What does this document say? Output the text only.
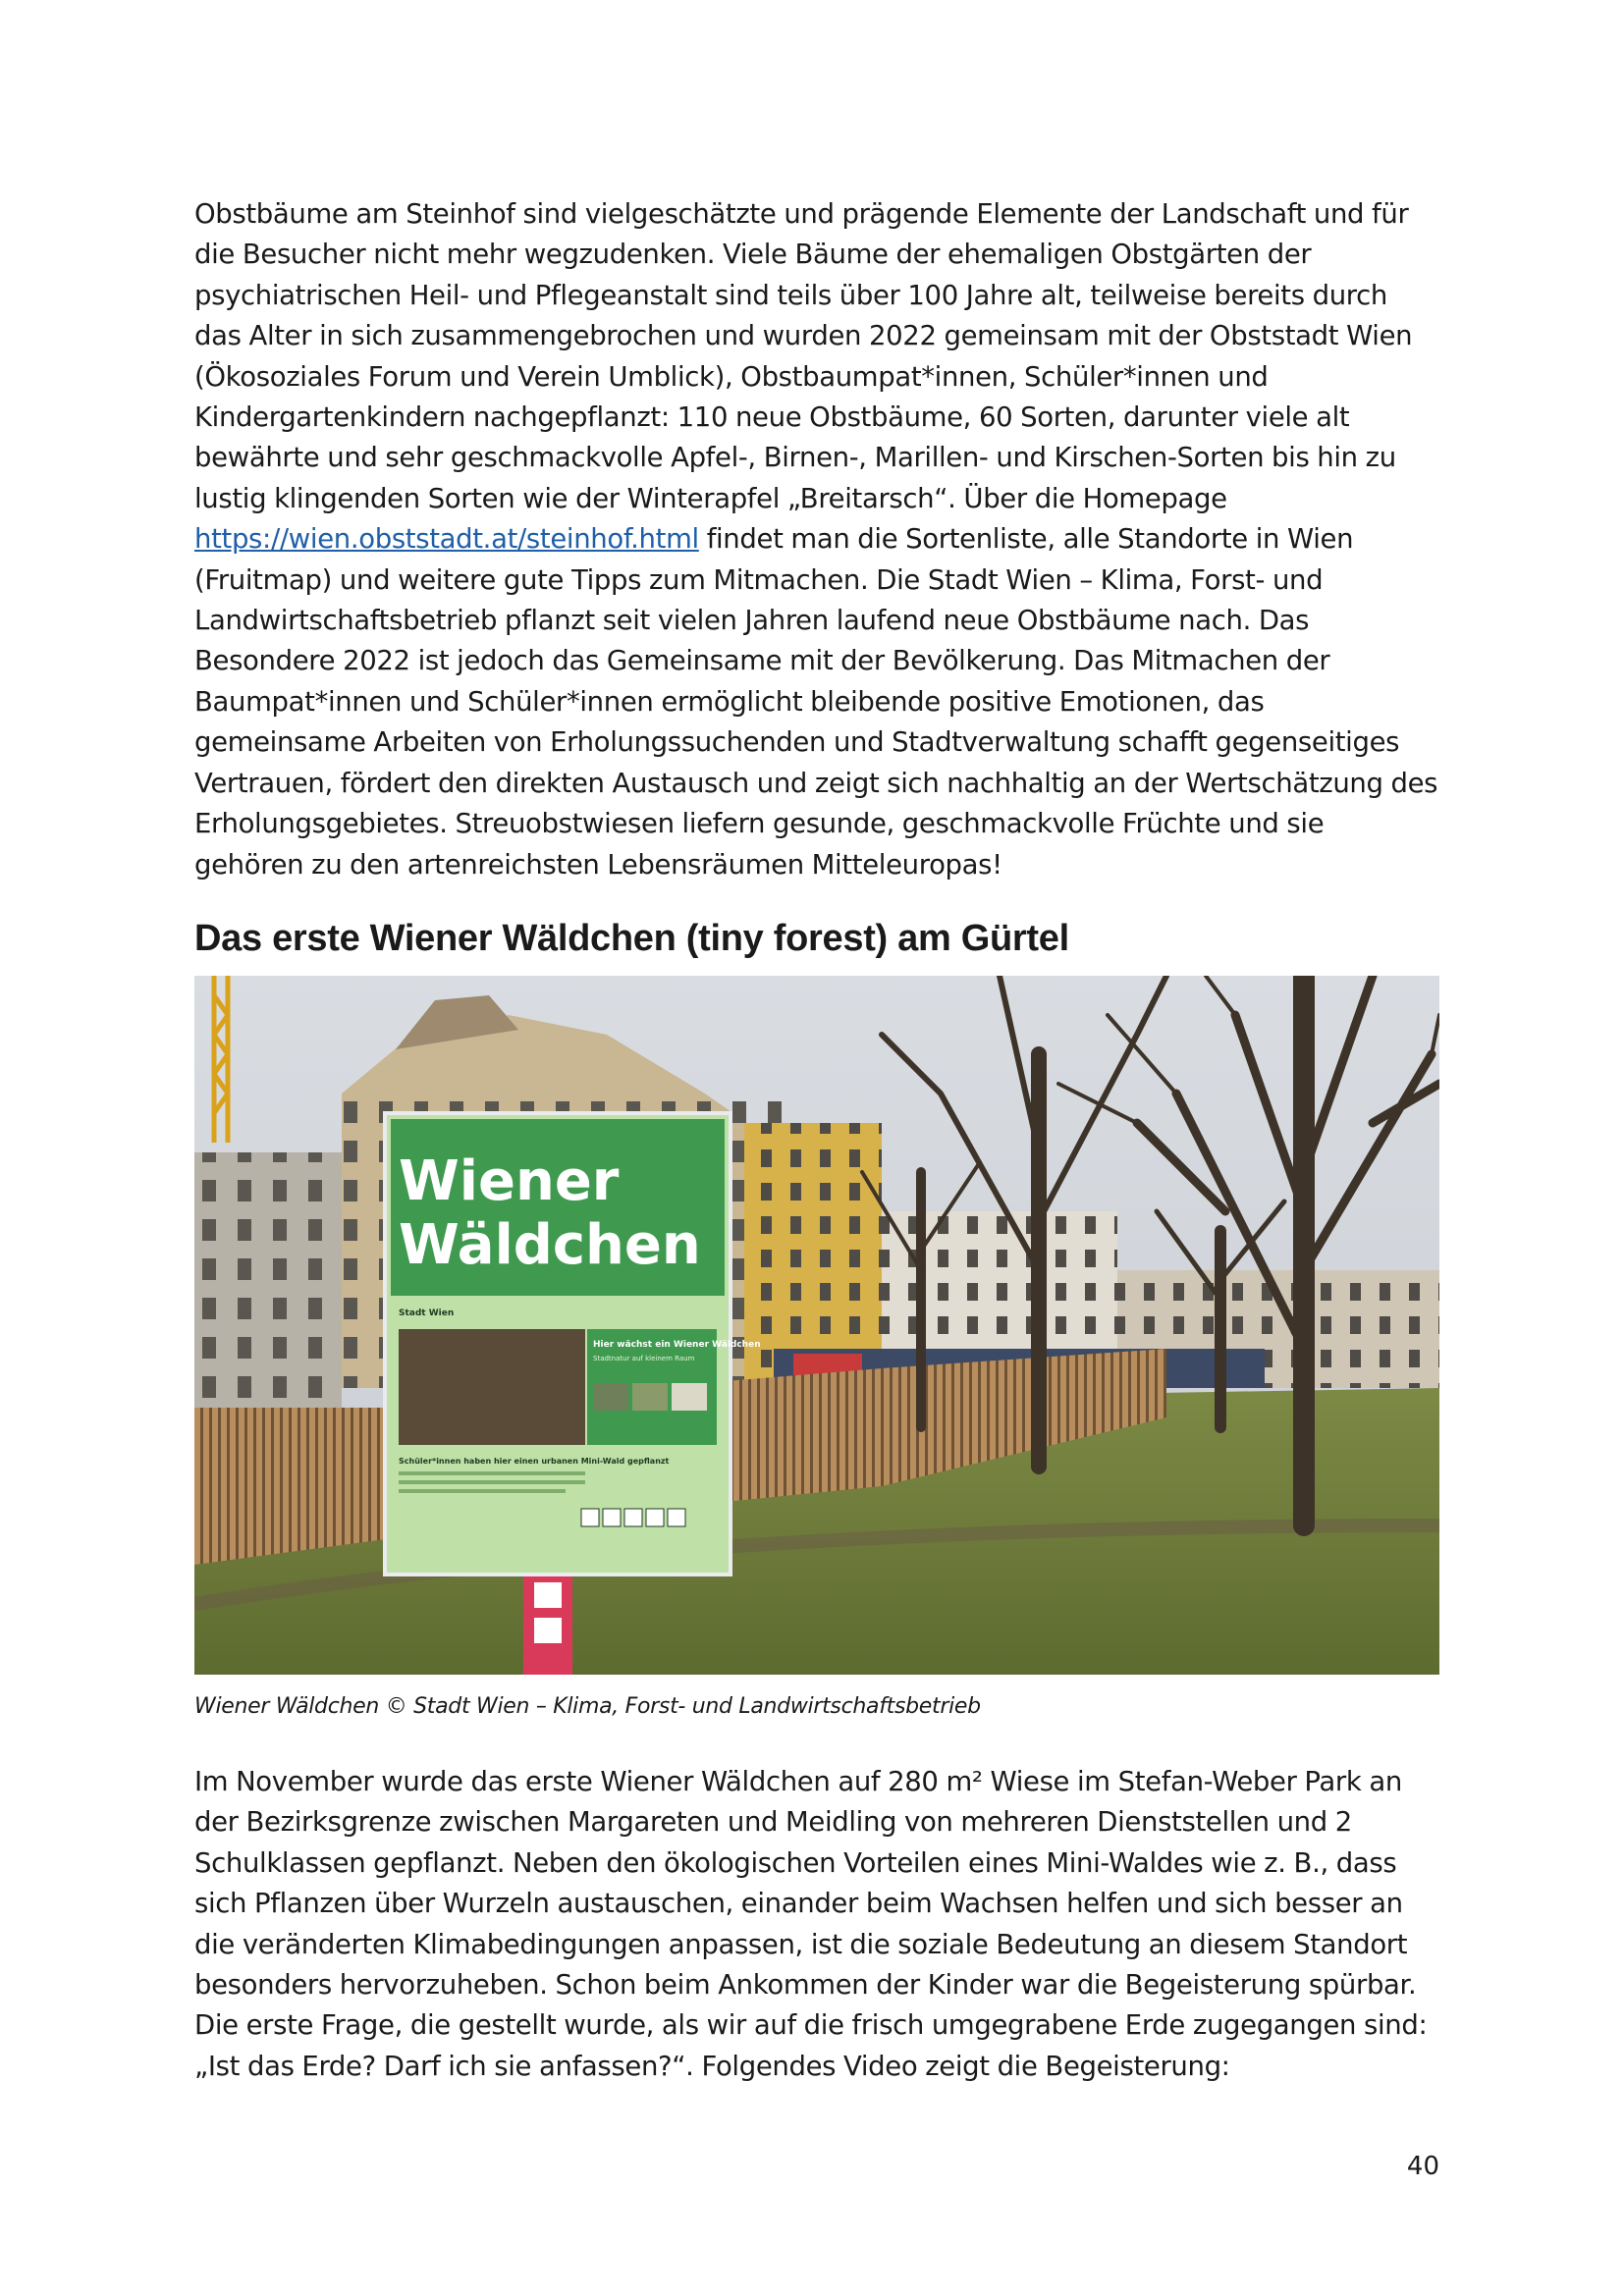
Obstbäume am Steinhof sind vielgeschätzte und prägende Elemente der Landschaft und für die Besucher nicht mehr wegzudenken. Viele Bäume der ehemaligen Obstgärten der psychiatrischen Heil- und Pflegeanstalt sind teils über 100 Jahre alt, teilweise bereits durch das Alter in sich zusammengebrochen und wurden 2022 gemeinsam mit der Obststadt Wien (Ökosoziales Forum und Verein Umblick), Obstbaumpat*innen, Schüler*innen und Kindergartenkindern nachgepflanzt: 110 neue Obstbäume, 60 Sorten, darunter viele alt bewährte und sehr geschmackvolle Apfel-, Birnen-, Marillen- und Kirschen-Sorten bis hin zu lustig klingenden Sorten wie der Winterapfel „Breitarsch“. Über die Homepage https://wien.obststadt.at/steinhof.html findet man die Sortenliste, alle Standorte in Wien (Fruitmap) und weitere gute Tipps zum Mitmachen. Die Stadt Wien – Klima, Forst- und Landwirtschaftsbetrieb pflanzt seit vielen Jahren laufend neue Obstbäume nach. Das Besondere 2022 ist jedoch das Gemeinsame mit der Bevölkerung. Das Mitmachen der Baumpat*innen und Schüler*innen ermöglicht bleibende positive Emotionen, das gemeinsame Arbeiten von Erholungssuchenden und Stadtverwaltung schafft gegenseitiges Vertrauen, fördert den direkten Austausch und zeigt sich nachhaltig an der Wertschätzung des Erholungsgebietes. Streuobstwiesen liefern gesunde, geschmackvolle Früchte und sie gehören zu den artenreichsten Lebensräumen Mitteleuropas!

Das erste Wiener Wäldchen (tiny forest) am Gürtel
Wiener
Wäldchen
Stadt Wien
Hier wächst ein Wiener Wäldchen
Stadtnatur auf kleinem Raum
Schüler*innen haben hier einen urbanen Mini-Wald gepflanzt
Wiener Wäldchen © Stadt Wien – Klima, Forst- und Landwirtschaftsbetrieb

Im November wurde das erste Wiener Wäldchen auf 280 m² Wiese im Stefan-Weber Park an der Bezirksgrenze zwischen Margareten und Meidling von mehreren Dienststellen und 2 Schulklassen gepflanzt. Neben den ökologischen Vorteilen eines Mini-Waldes wie z. B., dass sich Pflanzen über Wurzeln austauschen, einander beim Wachsen helfen und sich besser an die veränderten Klimabedingungen anpassen, ist die soziale Bedeutung an diesem Standort besonders hervorzuheben. Schon beim Ankommen der Kinder war die Begeisterung spürbar. Die erste Frage, die gestellt wurde, als wir auf die frisch umgegrabene Erde zugegangen sind: „Ist das Erde? Darf ich sie anfassen?“. Folgendes Video zeigt die Begeisterung:

40
